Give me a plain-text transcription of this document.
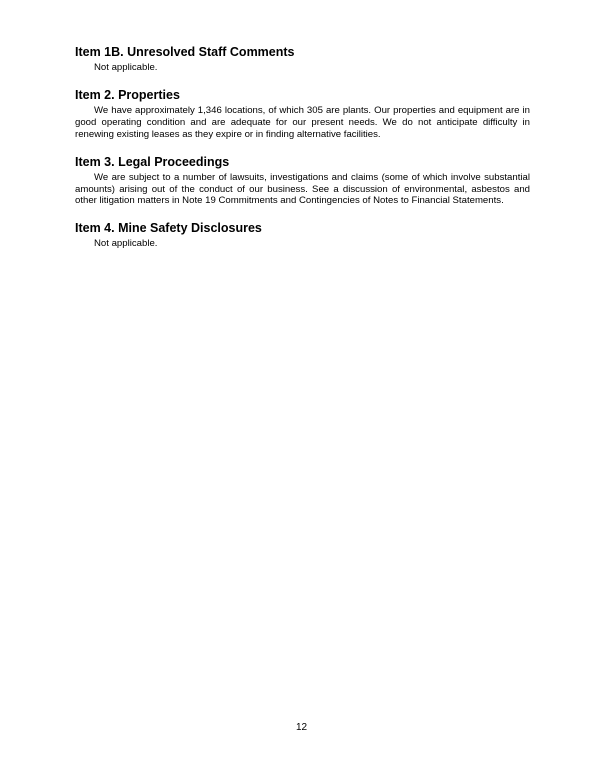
Item 1B. Unresolved Staff Comments

Not applicable.

Item 2. Properties

We have approximately 1,346 locations, of which 305 are plants. Our properties and equipment are in good operating condition and are adequate for our present needs. We do not anticipate difficulty in renewing existing leases as they expire or in finding alternative facilities.

Item 3. Legal Proceedings

We are subject to a number of lawsuits, investigations and claims (some of which involve substantial amounts) arising out of the conduct of our business. See a discussion of environmental, asbestos and other litigation matters in Note 19 Commitments and Contingencies of Notes to Financial Statements.

Item 4. Mine Safety Disclosures

Not applicable.

12
